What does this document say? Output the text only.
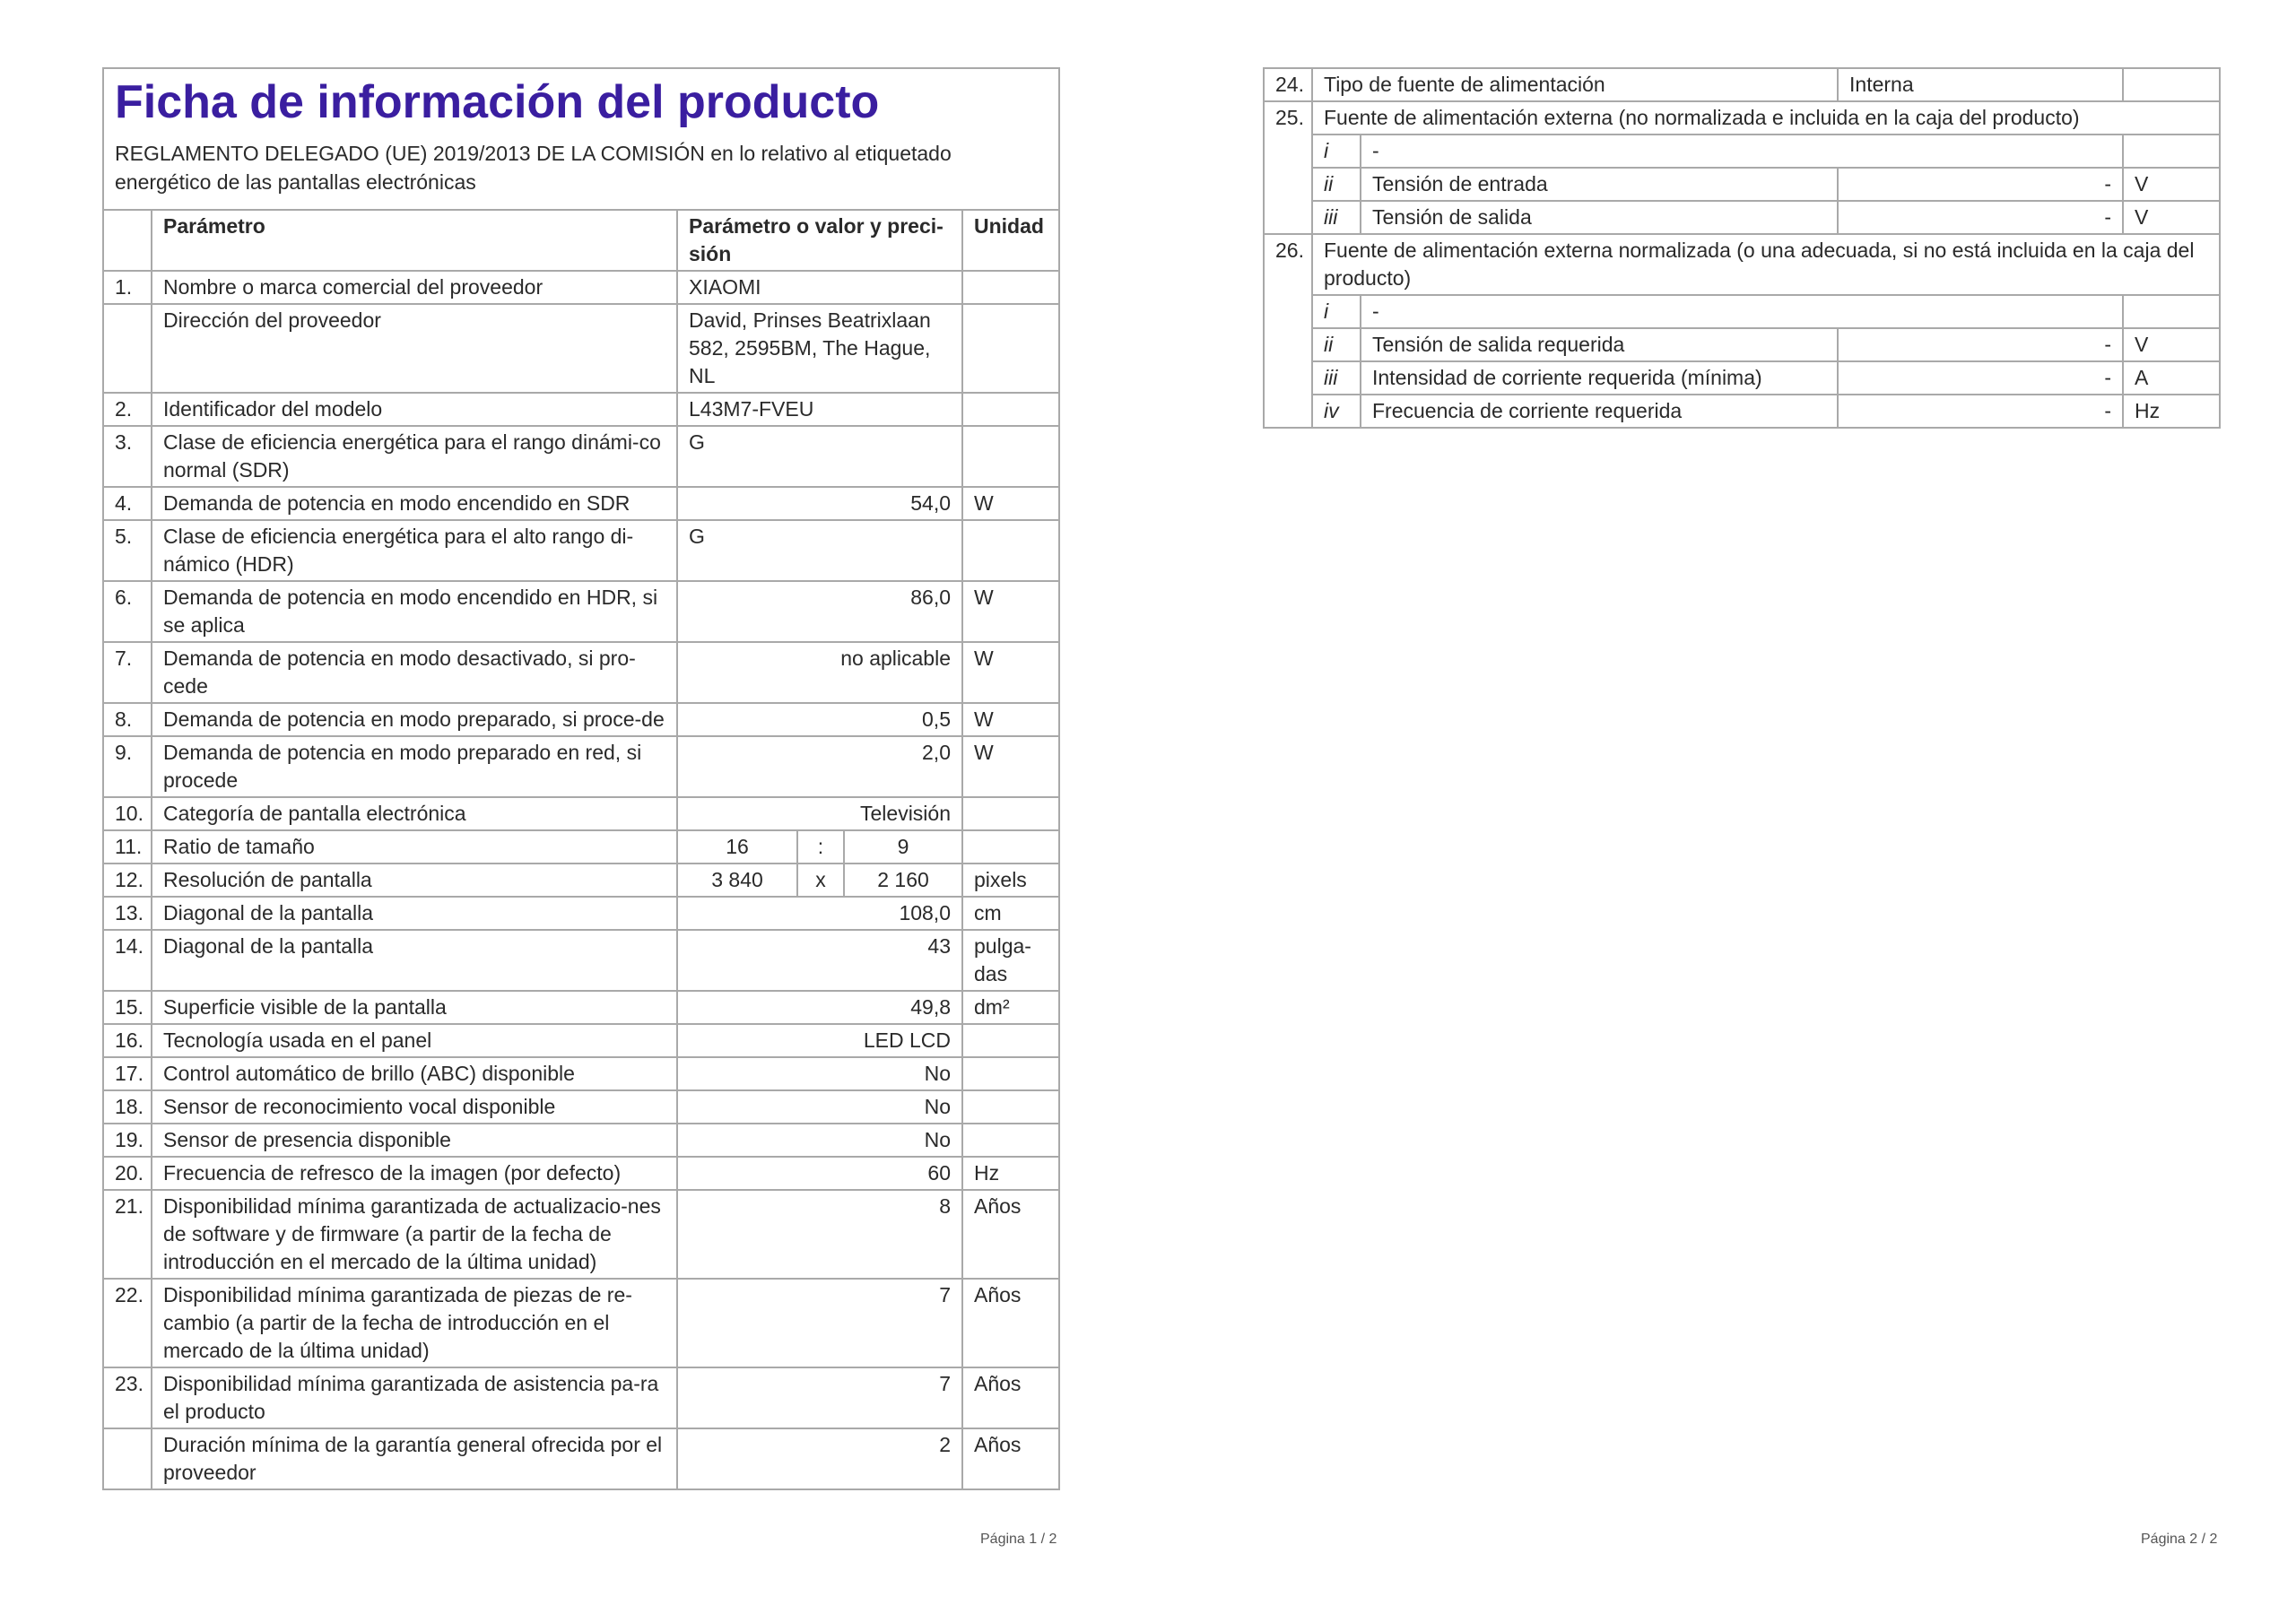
Ficha de información del producto
REGLAMENTO DELEGADO (UE) 2019/2013 DE LA COMISIÓN en lo relativo al etiquetado energético de las pantallas electrónicas					

	Parámetro	Parámetro o valor y preci-sión			Unidad
1.	Nombre o marca comercial del proveedor	XIAOMI			
	Dirección del proveedor	David, Prinses Beatrixlaan 582, 2595BM, The Hague, NL			
2.	Identificador del modelo	L43M7-FVEU			
3.	Clase de eficiencia energética para el rango dinámi-co normal (SDR)	G			
4.	Demanda de potencia en modo encendido en SDR	54,0			W
5.	Clase de eficiencia energética para el alto rango di-námico (HDR)	G			
6.	Demanda de potencia en modo encendido en HDR, si se aplica	86,0			W
7.	Demanda de potencia en modo desactivado, si pro-cede	no aplicable			W
8.	Demanda de potencia en modo preparado, si proce-de	0,5			W
9.	Demanda de potencia en modo preparado en red, si procede	2,0			W
10.	Categoría de pantalla electrónica	Televisión			
11.	Ratio de tamaño	16	:	9	
12.	Resolución de pantalla	3 840	x	2 160	pixels
13.	Diagonal de la pantalla	108,0			cm
14.	Diagonal de la pantalla	43			pulga-das
15.	Superficie visible de la pantalla	49,8			dm²
16.	Tecnología usada en el panel	LED LCD			
17.	Control automático de brillo (ABC) disponible	No			
18.	Sensor de reconocimiento vocal disponible	No			
19.	Sensor de presencia disponible	No			
20.	Frecuencia de refresco de la imagen (por defecto)	60			Hz
21.	Disponibilidad mínima garantizada de actualizacio-nes de software y de firmware (a partir de la fecha de introducción en el mercado de la última unidad)	8			Años
22.	Disponibilidad mínima garantizada de piezas de re-cambio (a partir de la fecha de introducción en el mercado de la última unidad)	7			Años
23.	Disponibilidad mínima garantizada de asistencia pa-ra el producto	7			Años
	Duración mínima de la garantía general ofrecida por el proveedor	2			Años
Página 1 / 2
24.	Tipo de fuente de alimentación		Interna	
25.	Fuente de alimentación externa (no normalizada e incluida en la caja del producto)			
	i	-		
	ii	Tensión de entrada	-	V
	iii	Tensión de salida	-	V
26.	Fuente de alimentación externa normalizada (o una adecuada, si no está incluida en la caja del producto)			
	i	-		
	ii	Tensión de salida requerida	-	V
	iii	Intensidad de corriente requerida (mínima)	-	A
	iv	Frecuencia de corriente requerida	-	Hz
Página 2 / 2
